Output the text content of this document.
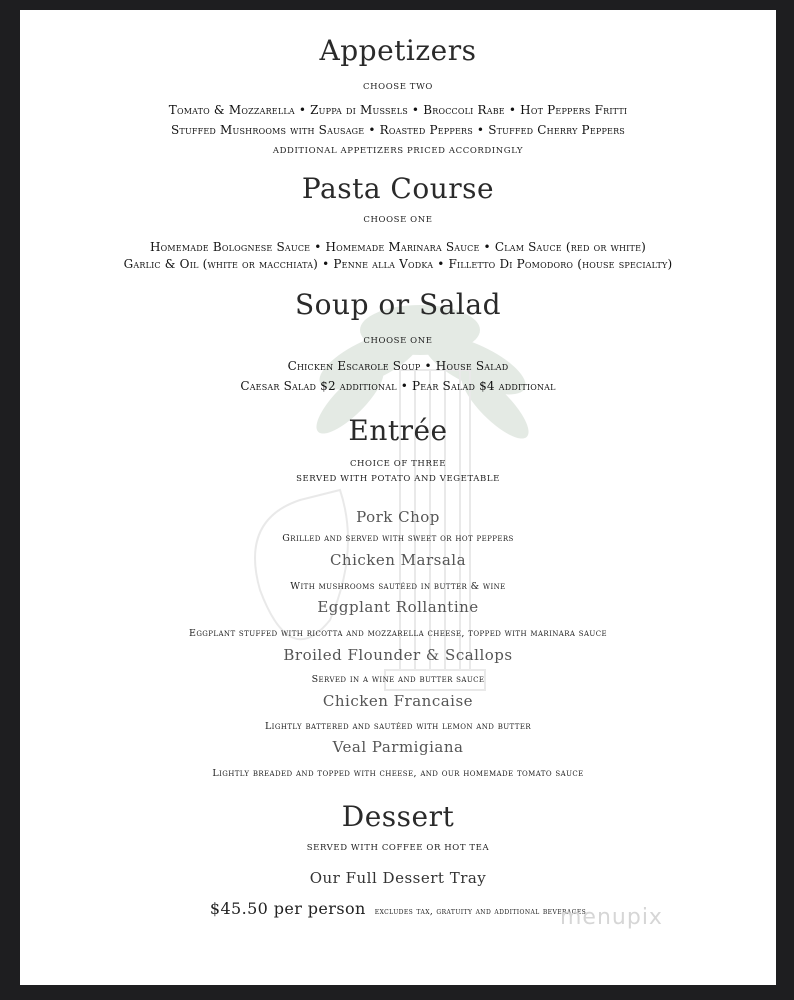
Appetizers
CHOOSE TWO
Tomato & Mozzarella • Zuppa di Mussels • Broccoli Rabe • Hot Peppers Fritti
Stuffed Mushrooms with Sausage • Roasted Peppers • Stuffed Cherry Peppers
ADDITIONAL APPETIZERS PRICED ACCORDINGLY
Pasta Course
CHOOSE ONE
Homemade Bolognese Sauce • Homemade Marinara Sauce • Clam Sauce (red or white)
Garlic & Oil (white or macchiata) • Penne alla Vodka • Filletto Di Pomodoro (house specialty)
Soup or Salad
CHOOSE ONE
Chicken Escarole Soup • House Salad
Caesar Salad $2 additional • Pear Salad $4 additional
Entrée
CHOICE OF THREE
SERVED WITH POTATO AND VEGETABLE
Pork Chop
Grilled and served with sweet or hot peppers
Chicken Marsala
With mushrooms sautéed in butter & wine
Eggplant Rollantine
Eggplant stuffed with ricotta and mozzarella cheese, topped with marinara sauce
Broiled Flounder & Scallops
Served in a wine and butter sauce
Chicken Francaise
Lightly battered and sautéed with lemon and butter
Veal Parmigiana
Lightly breaded and topped with cheese, and our homemade tomato sauce
Dessert
SERVED WITH COFFEE OR HOT TEA
Our Full Dessert Tray
$45.50 per person excludes tax, gratuity and additional beverages
menupix
